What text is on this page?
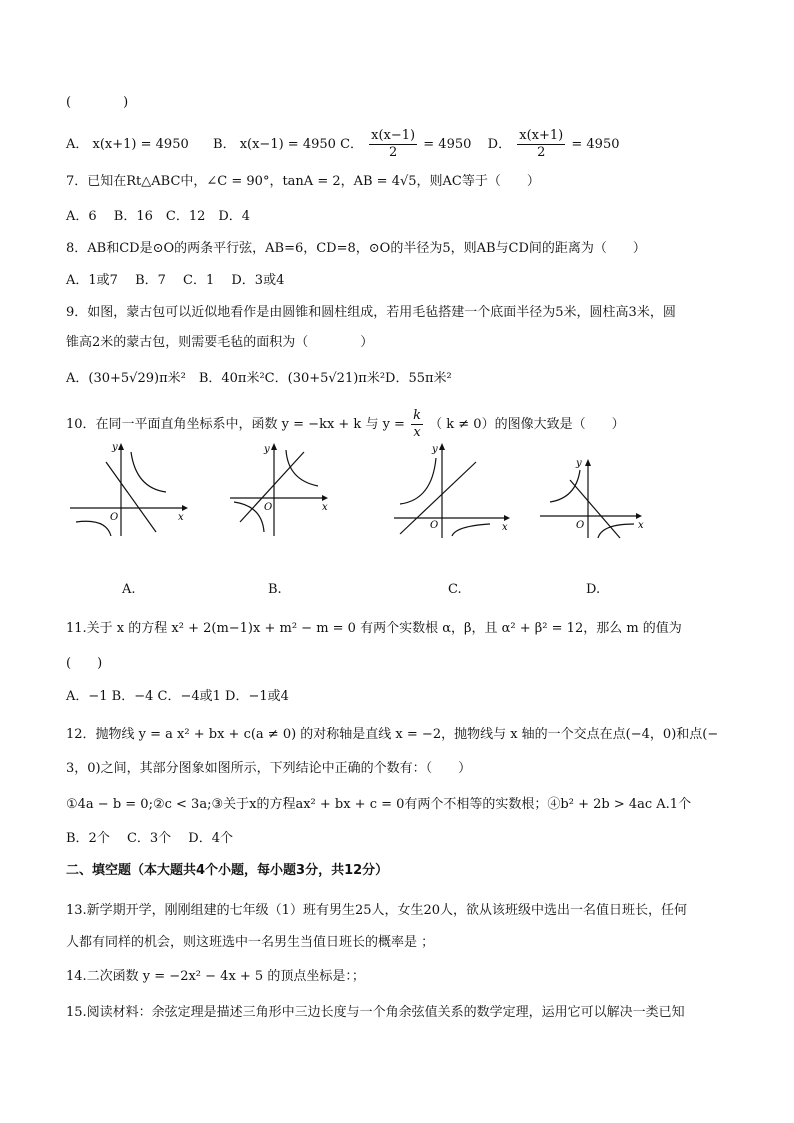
(　　　　)
A． x(x+1) = 4950 B． x(x−1) = 4950 C． $\frac{x(x-1)}{2} = 4950$ D． $\frac{x(x+1)}{2} = 4950$
7．已知在Rt△ABC中，∠C = 90°，tanA = 2，AB = 4√5，则AC等于（　　）
A．6　 B．16　C．12　D．4
8．AB和CD是⊙O的两条平行弦，AB=6，CD=8，⊙O的半径为5，则AB与CD间的距离为（　　）
A．1或7　 B．7　 C．1　 D．3或4
9．如图，蒙古包可以近似地看作是由圆锥和圆柱组成，若用毛毡搭建一个底面半径为5米，圆柱高3米，圆
锥高2米的蒙古包，则需要毛毡的面积为（　　　　）
A．(30+5√29)π米²　B．40π米²C．(30+5√21)π米²D．55π米²
10．在同一平面直角坐标系中，函数 y = −kx + k 与 $y = \frac{k}{x}$ （ k ≠ 0）的图像大致是（　　）
y
x
O
A.
y
x
O
B.
y
x
O
C.
y
x
O
D.
11.关于 x 的方程 x² + 2(m−1)x + m² − m = 0 有两个实数根 α，β，且 α² + β² = 12，那么 m 的值为
(　　)
A．−1 B．−4 C．−4或1 D．−1或4
12．抛物线 y = a x² + bx + c(a ≠ 0) 的对称轴是直线 x = −2，抛物线与 x 轴的一个交点在点(−4，0)和点(−
3，0)之间，其部分图象如图所示，下列结论中正确的个数有：（　　）
①4a − b = 0;②c < 3a;③关于x的方程ax² + bx + c = 0有两个不相等的实数根；④b² + 2b > 4ac A.1个
B．2个　 C．3个　 D．4个
二、填空题（本大题共4个小题，每小题3分，共12分）
13.新学期开学，刚刚组建的七年级（1）班有男生25人，女生20人，欲从该班级中选出一名值日班长，任何
人都有同样的机会，则这班选中一名男生当值日班长的概率是 ；
14.二次函数 y = −2x² − 4x + 5 的顶点坐标是：；
15.阅读材料：余弦定理是描述三角形中三边长度与一个角余弦值关系的数学定理，运用它可以解决一类已知
